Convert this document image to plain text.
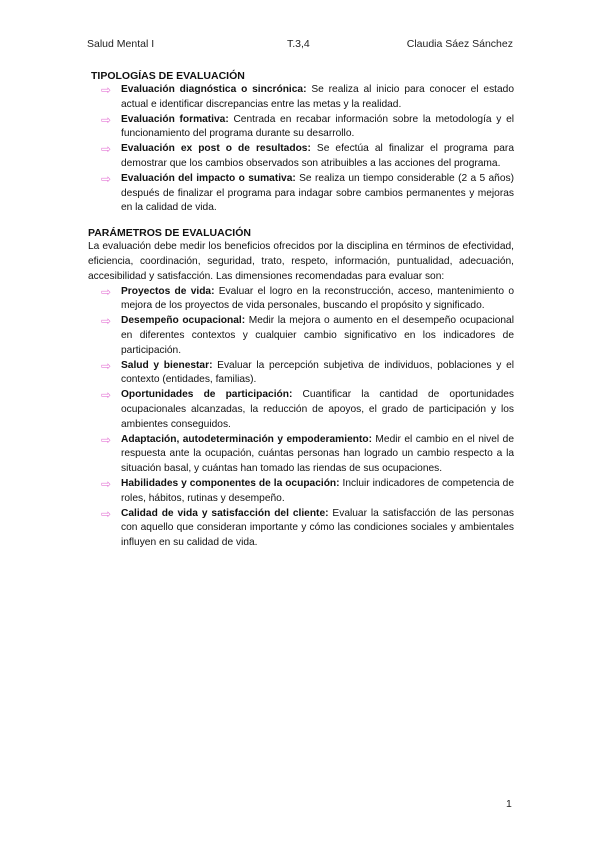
Salud Mental I	T.3,4	Claudia Sáez Sánchez
TIPOLOGÍAS DE EVALUACIÓN
⇨ Evaluación diagnóstica o sincrónica: Se realiza al inicio para conocer el estado actual e identificar discrepancias entre las metas y la realidad.
⇨ Evaluación formativa: Centrada en recabar información sobre la metodología y el funcionamiento del programa durante su desarrollo.
⇨ Evaluación ex post o de resultados: Se efectúa al finalizar el programa para demostrar que los cambios observados son atribuibles a las acciones del programa.
⇨ Evaluación del impacto o sumativa: Se realiza un tiempo considerable (2 a 5 años) después de finalizar el programa para indagar sobre cambios permanentes y mejoras en la calidad de vida.
PARÁMETROS DE EVALUACIÓN
La evaluación debe medir los beneficios ofrecidos por la disciplina en términos de efectividad, eficiencia, coordinación, seguridad, trato, respeto, información, puntualidad, adecuación, accesibilidad y satisfacción. Las dimensiones recomendadas para evaluar son:
⇨ Proyectos de vida: Evaluar el logro en la reconstrucción, acceso, mantenimiento o mejora de los proyectos de vida personales, buscando el propósito y significado.
⇨ Desempeño ocupacional: Medir la mejora o aumento en el desempeño ocupacional en diferentes contextos y cualquier cambio significativo en los indicadores de participación.
⇨ Salud y bienestar: Evaluar la percepción subjetiva de individuos, poblaciones y el contexto (entidades, familias).
⇨ Oportunidades de participación: Cuantificar la cantidad de oportunidades ocupacionales alcanzadas, la reducción de apoyos, el grado de participación y los ambientes conseguidos.
⇨ Adaptación, autodeterminación y empoderamiento: Medir el cambio en el nivel de respuesta ante la ocupación, cuántas personas han logrado un cambio respecto a la situación basal, y cuántas han tomado las riendas de sus ocupaciones.
⇨ Habilidades y componentes de la ocupación: Incluir indicadores de competencia de roles, hábitos, rutinas y desempeño.
⇨ Calidad de vida y satisfacción del cliente: Evaluar la satisfacción de las personas con aquello que consideran importante y cómo las condiciones sociales y ambientales influyen en su calidad de vida.
1
